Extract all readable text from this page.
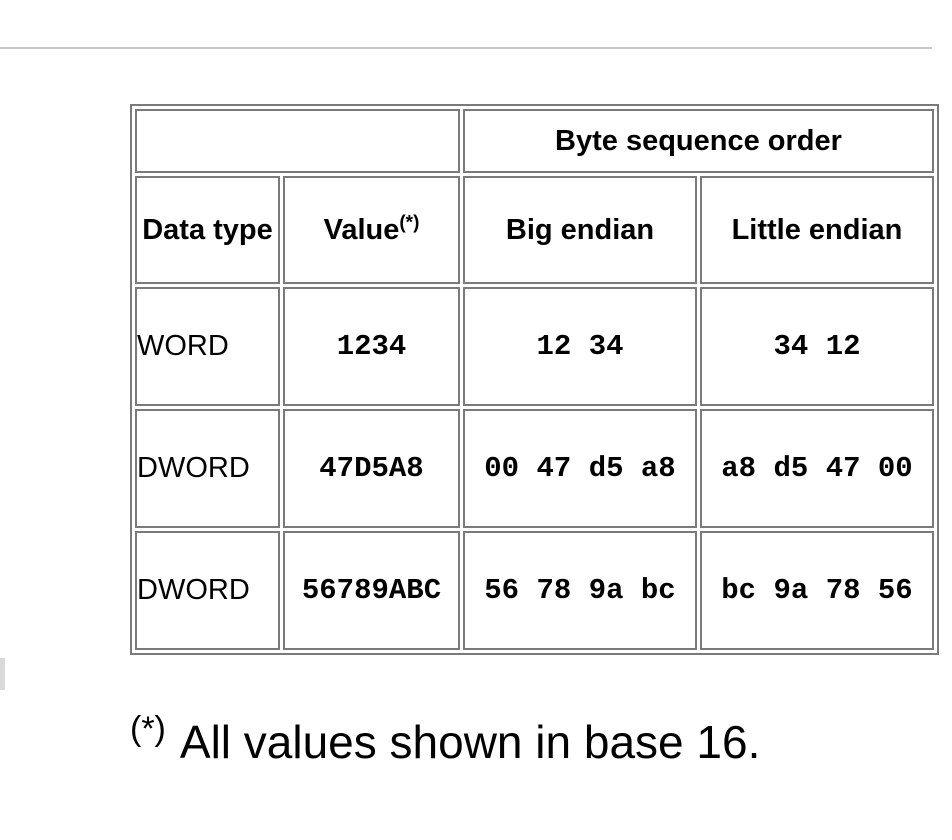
		Byte sequence order	
Data type	Value(*)	Big endian	Little endian
WORD	1234	12 34	34 12
DWORD	47D5A8	00 47 d5 a8	a8 d5 47 00
DWORD	56789ABC	56 78 9a bc	bc 9a 78 56
(*) All values shown in base 16.
